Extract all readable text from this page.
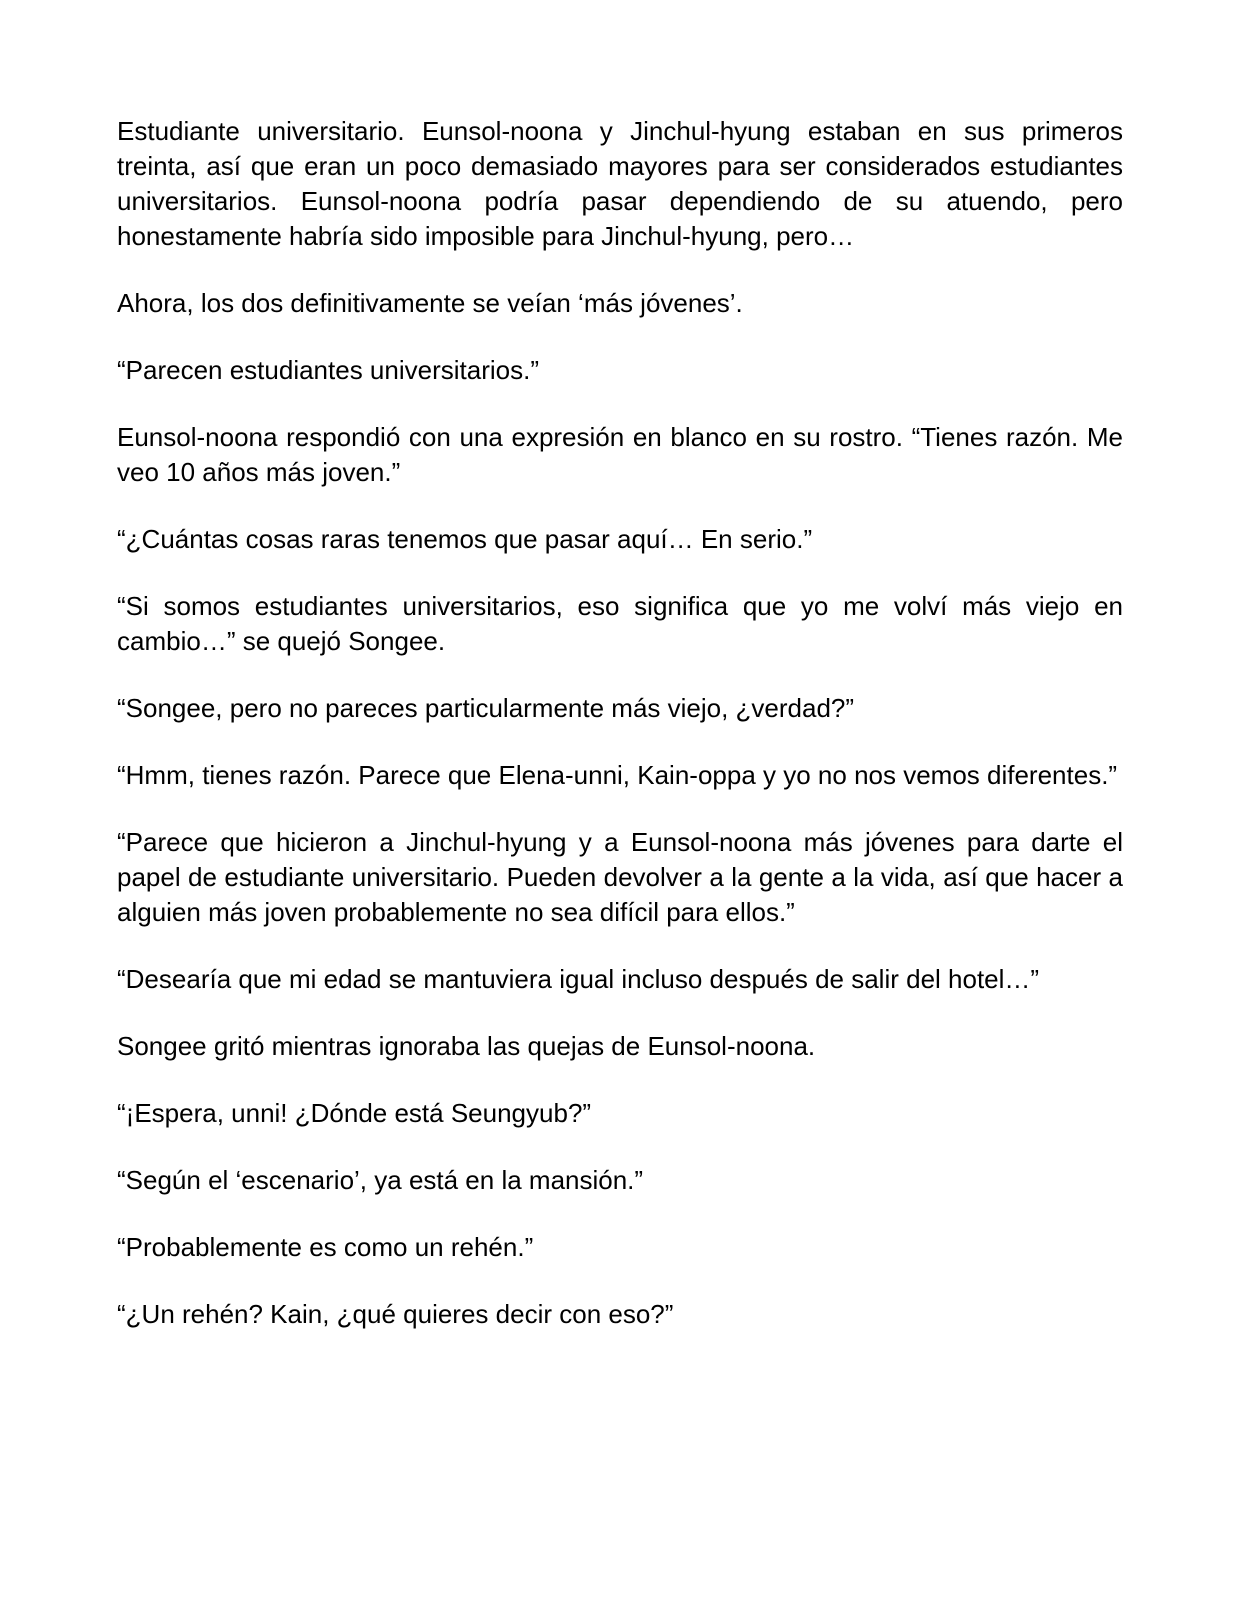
Estudiante universitario. Eunsol-noona y Jinchul-hyung estaban en sus primeros treinta, así que eran un poco demasiado mayores para ser considerados estudiantes universitarios. Eunsol-noona podría pasar dependiendo de su atuendo, pero honestamente habría sido imposible para Jinchul-hyung, pero…

Ahora, los dos definitivamente se veían ‘más jóvenes’.

“Parecen estudiantes universitarios.”

Eunsol-noona respondió con una expresión en blanco en su rostro. “Tienes razón. Me veo 10 años más joven.”

“¿Cuántas cosas raras tenemos que pasar aquí… En serio.”

“Si somos estudiantes universitarios, eso significa que yo me volví más viejo en cambio…” se quejó Songee.

“Songee, pero no pareces particularmente más viejo, ¿verdad?”

“Hmm, tienes razón. Parece que Elena-unni, Kain-oppa y yo no nos vemos diferentes.”

“Parece que hicieron a Jinchul-hyung y a Eunsol-noona más jóvenes para darte el papel de estudiante universitario. Pueden devolver a la gente a la vida, así que hacer a alguien más joven probablemente no sea difícil para ellos.”

“Desearía que mi edad se mantuviera igual incluso después de salir del hotel…”

Songee gritó mientras ignoraba las quejas de Eunsol-noona.

“¡Espera, unni! ¿Dónde está Seungyub?”

“Según el ‘escenario’, ya está en la mansión.”

“Probablemente es como un rehén.”

“¿Un rehén? Kain, ¿qué quieres decir con eso?”
